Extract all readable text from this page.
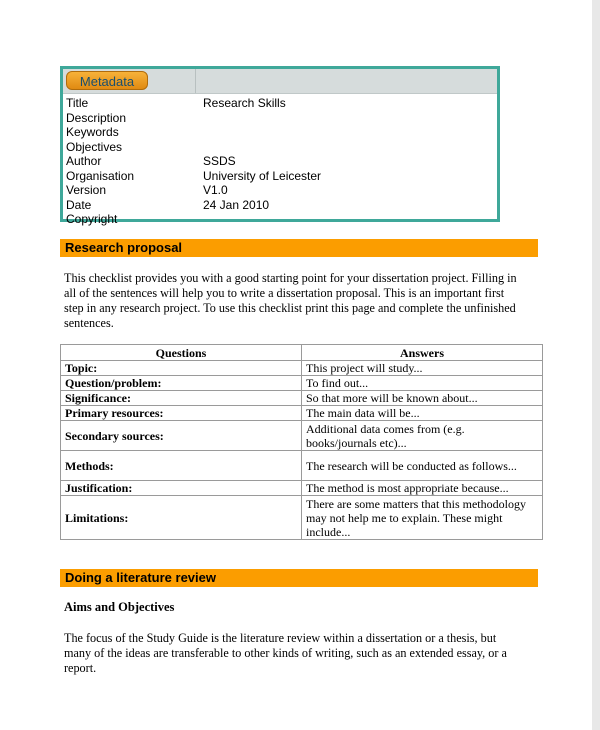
Metadata
Title	Research Skills
Description
Keywords
Objectives
Author	SSDS
Organisation	University of Leicester
Version	V1.0
Date	24 Jan 2010
Copyright
Research proposal
This checklist provides you with a good starting point for your dissertation project. Filling in all of the sentences will help you to write a dissertation proposal. This is an important first step in any research project. To use this checklist print this page and complete the unfinished sentences.
Questions	Answers
Topic:	This project will study...
Question/problem:	To find out...
Significance:	So that more will be known about...
Primary resources:	The main data will be...
Secondary sources:	Additional data comes from (e.g. books/journals etc)...
Methods:	The research will be conducted as follows...
Justification:	The method is most appropriate because...
Limitations:	There are some matters that this methodology may not help me to explain. These might include...
Doing a literature review
Aims and Objectives
The focus of the Study Guide is the literature review within a dissertation or a thesis, but many of the ideas are transferable to other kinds of writing, such as an extended essay, or a report.
